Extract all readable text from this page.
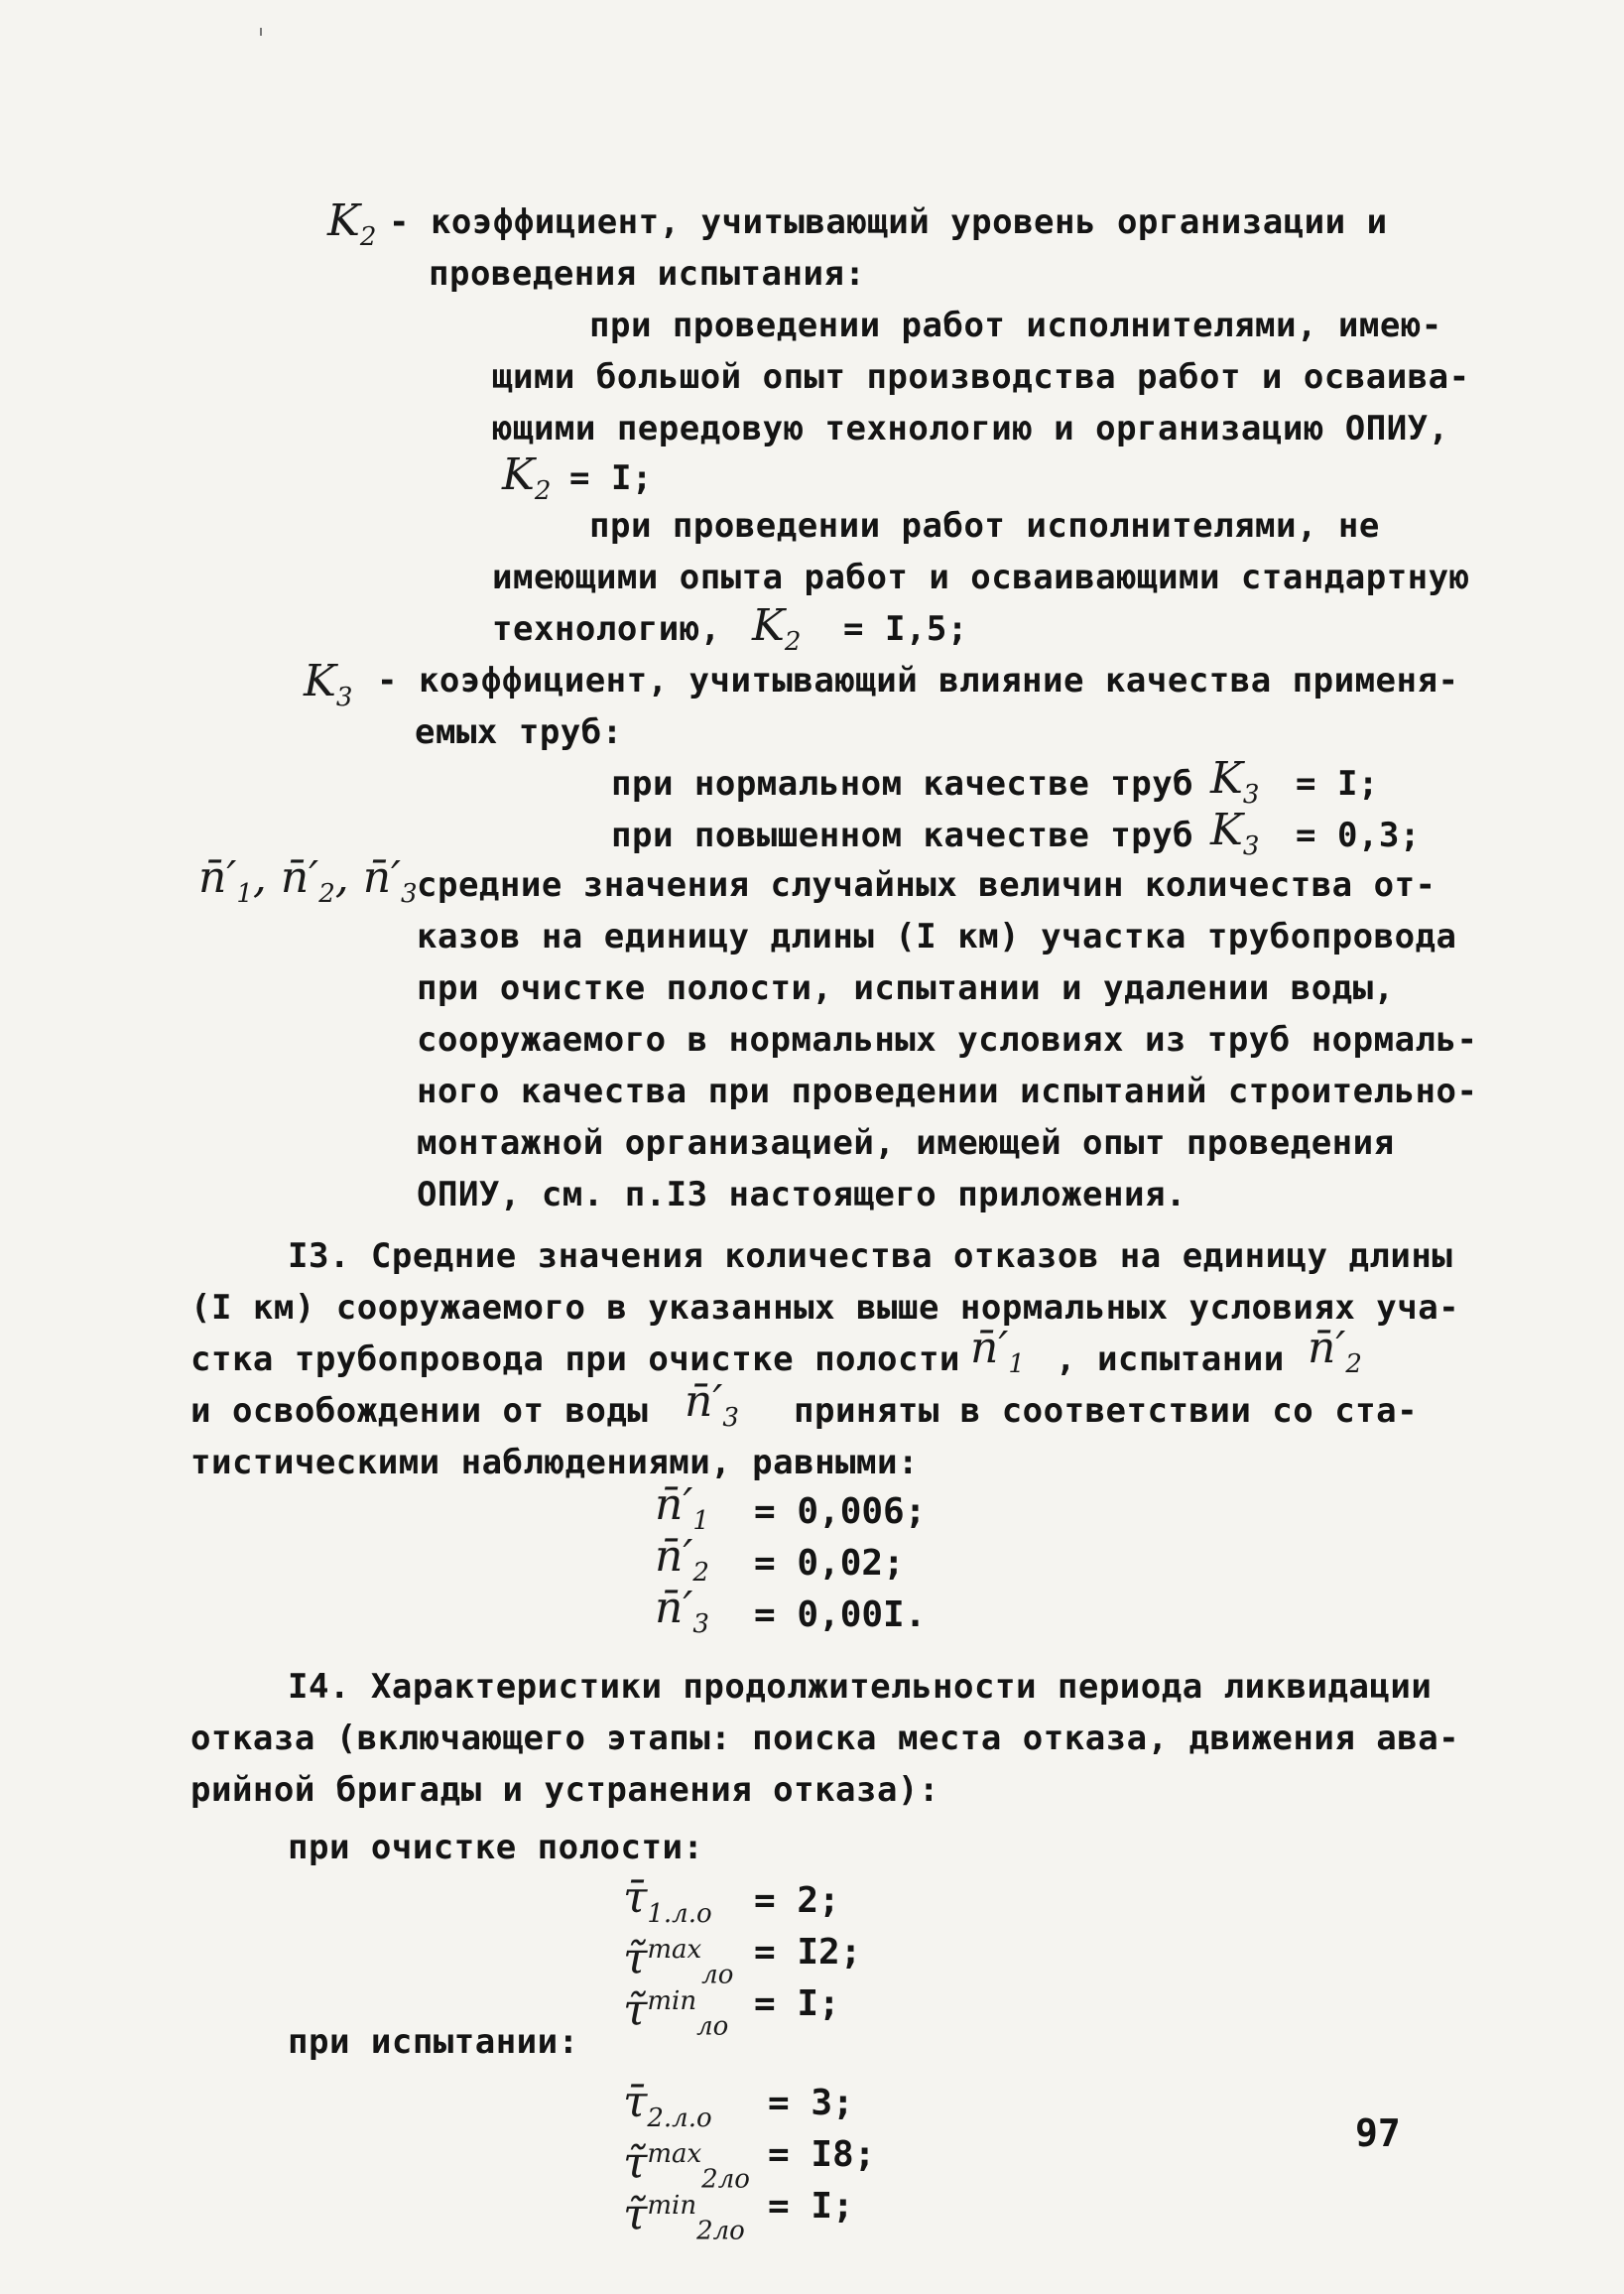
$K_2$ - коэффициент, учитывающий уровень организации и
проведения испытания:
при проведении работ исполнителями, имею-
щими большой опыт производства работ и осваива-
ющими передовую технологию и организацию ОПИУ,
$K_2 = I$;
при проведении работ исполнителями, не
имеющими опыта работ и осваивающими стандартную
технологию, $K_2 = I,5$;
$K_3$ - коэффициент, учитывающий влияние качества применя-
емых труб:
при нормальном качестве труб $K_3 = I$;
при повышенном качестве труб $K_3 = 0,3$;
$n̄'_1$, $n̄'_2$, $n̄'_3$ средние значения случайных величин количества от-
казов на единицу длины (I км) участка трубопровода
при очистке полости, испытании и удалении воды,
сооружаемого в нормальных условиях из труб нормаль-
ного качества при проведении испытаний строительно-
монтажной организацией, имеющей опыт проведения
ОПИУ, см. п.I3 настоящего приложения.
I3. Средние значения количества отказов на единицу длины
(I км) сооружаемого в указанных выше нормальных условиях уча-
стка трубопровода при очистке полости $n̄'_1$ , испытании $n̄'_2$
и освобождении от воды $n̄'_3$ приняты в соответствии со ста-
тистическими наблюдениями, равными:
$n̄'_1 = 0,006$;
$n̄'_2 = 0,02$;
$n̄'_3 = 0,00I$.
I4. Характеристики продолжительности периода ликвидации
отказа (включающего этапы: поиска места отказа, движения ава-
рийной бригады и устранения отказа):
при очистке полости:
$\taū_{1.л.о} = 2$;
τ̃$^{max}_{ло}$
= I2;
τ̃$^{min}_{ло}$
= I;
при испытании:
$\taū_{2.л.о} = 3$;
τ̃$^{max}_{2ло}$
= I8;
τ̃$^{min}_{2ло}$
= I;
97
